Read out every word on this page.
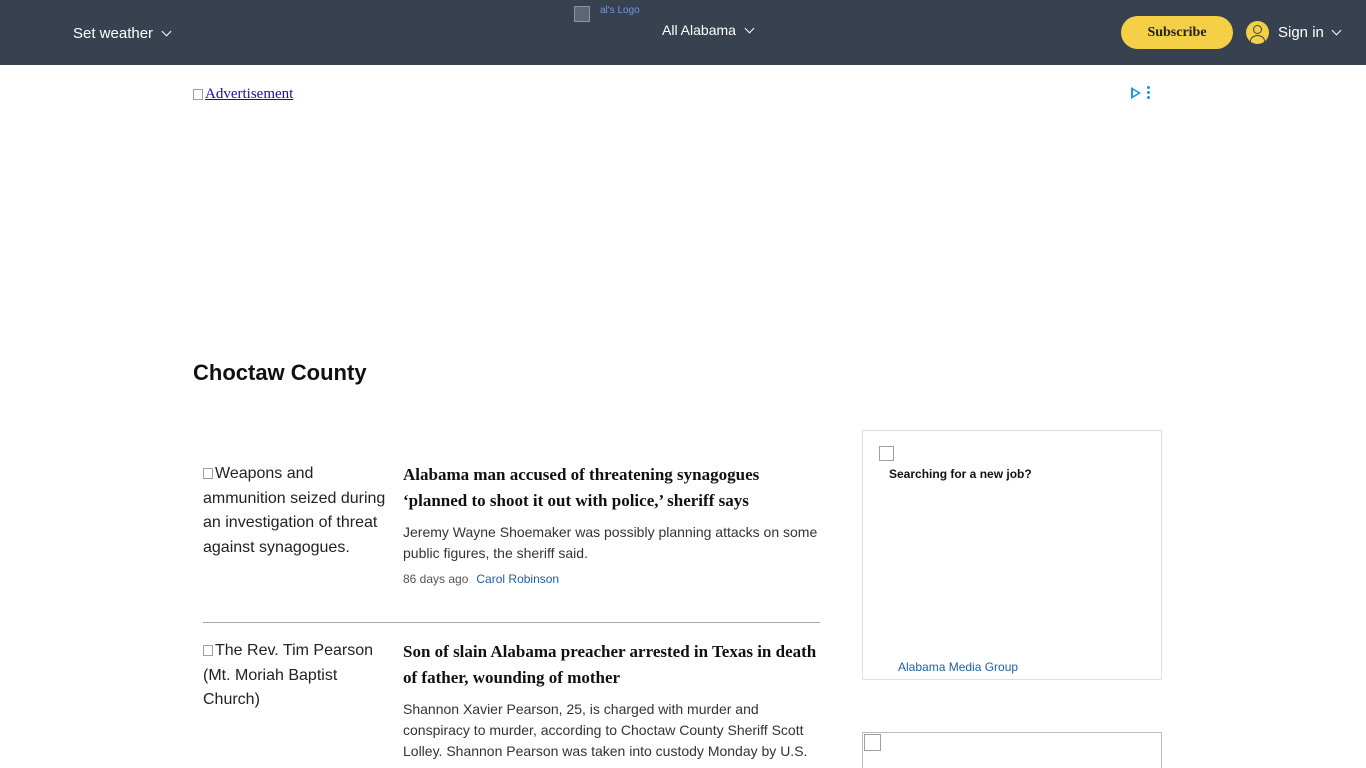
Set weather
al's Logo
All Alabama	Subscribe	Sign in
Advertisement
Choctaw County
Weapons and ammunition seized during an investigation of threat against synagogues.
Alabama man accused of threatening synagogues ‘planned to shoot it out with police,’ sheriff says

Jeremy Wayne Shoemaker was possibly planning attacks on some public figures, the sheriff said.

86 days ago Carol Robinson
The Rev. Tim Pearson (Mt. Moriah Baptist Church)
Son of slain Alabama preacher arrested in Texas in death of father, wounding of mother

Shannon Xavier Pearson, 25, is charged with murder and conspiracy to murder, according to Choctaw County Sheriff Scott Lolley. Shannon Pearson was taken into custody Monday by U.S.

Searching for a new job?
Alabama Media Group
